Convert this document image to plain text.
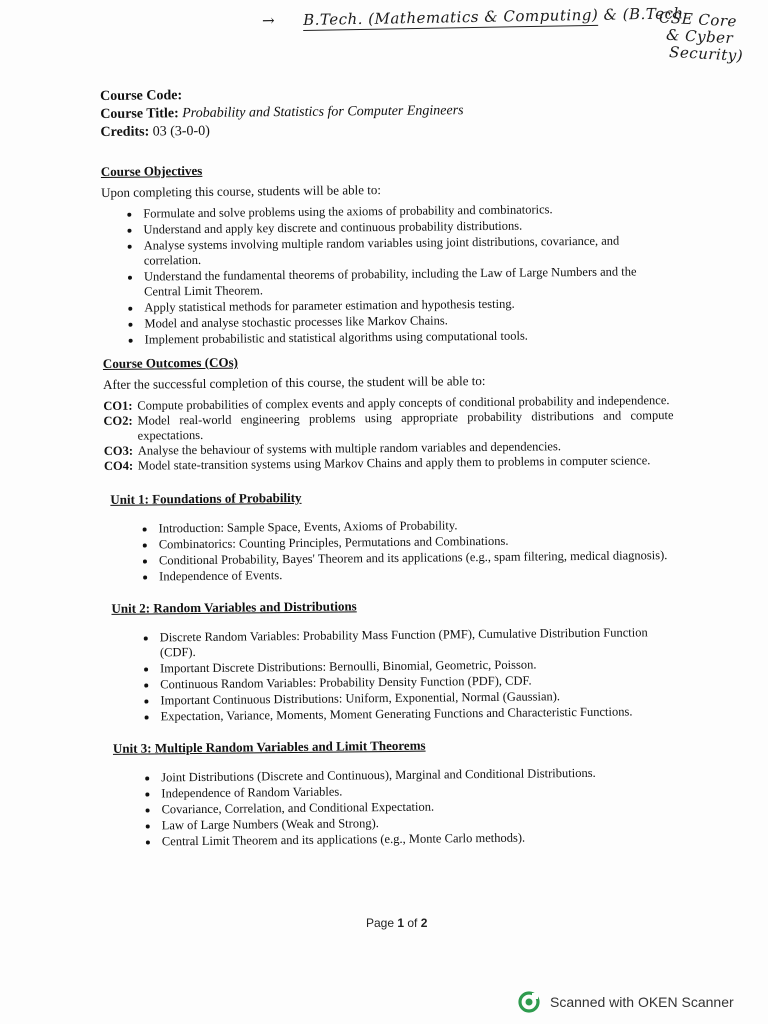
→ B.Tech. (Mathematics & Computing) & (B.Tech
CSE Core
& Cyber
Security)
Course Code:
Course Title: Probability and Statistics for Computer Engineers
Credits: 03 (3-0-0)
Course Objectives

Upon completing this course, students will be able to:

• Formulate and solve problems using the axioms of probability and combinatorics.
• Understand and apply key discrete and continuous probability distributions.
• Analyse systems involving multiple random variables using joint distributions, covariance, and correlation.
• Understand the fundamental theorems of probability, including the Law of Large Numbers and the Central Limit Theorem.
• Apply statistical methods for parameter estimation and hypothesis testing.
• Model and analyse stochastic processes like Markov Chains.
• Implement probabilistic and statistical algorithms using computational tools.
Course Outcomes (COs)

After the successful completion of this course, the student will be able to:

CO1: Compute probabilities of complex events and apply concepts of conditional probability and independence.
CO2: Model real-world engineering problems using appropriate probability distributions and compute expectations.
CO3: Analyse the behaviour of systems with multiple random variables and dependencies.
CO4: Model state-transition systems using Markov Chains and apply them to problems in computer science.
Unit 1: Foundations of Probability
• Introduction: Sample Space, Events, Axioms of Probability.
• Combinatorics: Counting Principles, Permutations and Combinations.
• Conditional Probability, Bayes' Theorem and its applications (e.g., spam filtering, medical diagnosis).
• Independence of Events.
Unit 2: Random Variables and Distributions
• Discrete Random Variables: Probability Mass Function (PMF), Cumulative Distribution Function (CDF).
• Important Discrete Distributions: Bernoulli, Binomial, Geometric, Poisson.
• Continuous Random Variables: Probability Density Function (PDF), CDF.
• Important Continuous Distributions: Uniform, Exponential, Normal (Gaussian).
• Expectation, Variance, Moments, Moment Generating Functions and Characteristic Functions.
Unit 3: Multiple Random Variables and Limit Theorems
• Joint Distributions (Discrete and Continuous), Marginal and Conditional Distributions.
• Independence of Random Variables.
• Covariance, Correlation, and Conditional Expectation.
• Law of Large Numbers (Weak and Strong).
• Central Limit Theorem and its applications (e.g., Monte Carlo methods).
Page 1 of 2
Scanned with OKEN Scanner
